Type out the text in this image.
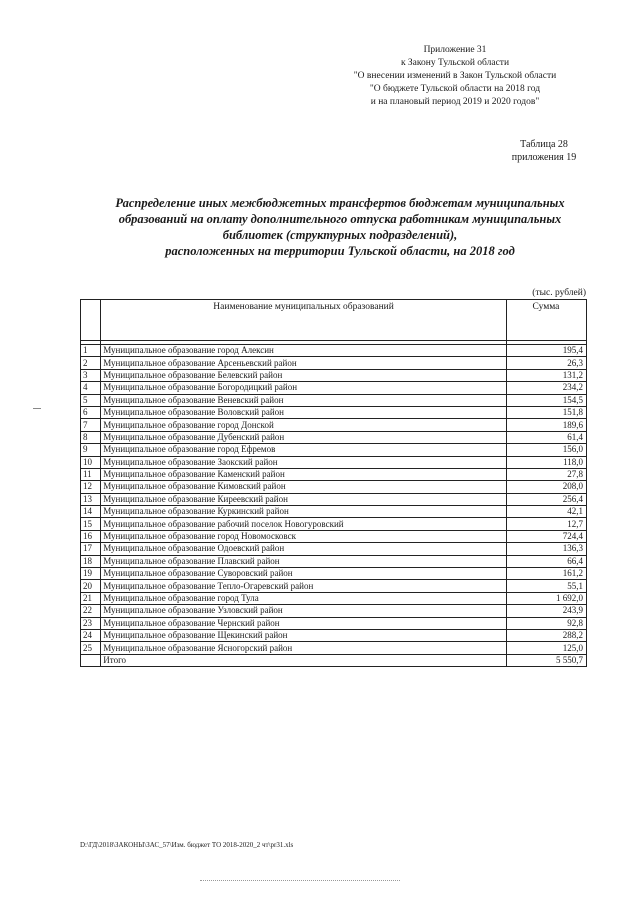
Приложение 31
к Закону Тульской области
"О внесении изменений в Закон Тульской области
"О бюджете Тульской области на 2018 год
и на плановый период 2019 и 2020 годов"
Таблица 28
приложения 19
Распределение иных межбюджетных трансфертов бюджетам муниципальных
образований на оплату дополнительного отпуска работникам муниципальных
библиотек (структурных подразделений),
расположенных на территории Тульской области, на 2018 год
(тыс. рублей)
	Наименование муниципальных образований	Сумма

1	Муниципальное образование город Алексин	195,4
2	Муниципальное образование Арсеньевский район	26,3
3	Муниципальное образование Белевский район	131,2
4	Муниципальное образование Богородицкий район	234,2
5	Муниципальное образование Веневский район	154,5
6	Муниципальное образование Воловский район	151,8
7	Муниципальное образование город Донской	189,6
8	Муниципальное образование Дубенский район	61,4
9	Муниципальное образование город Ефремов	156,0
10	Муниципальное образование Заокский район	118,0
11	Муниципальное образование Каменский район	27,8
12	Муниципальное образование Кимовский район	208,0
13	Муниципальное образование Киреевский район	256,4
14	Муниципальное образование Куркинский район	42,1
15	Муниципальное образование рабочий поселок Новогуровский	12,7
16	Муниципальное образование город Новомосковск	724,4
17	Муниципальное образование Одоевский район	136,3
18	Муниципальное образование Плавский район	66,4
19	Муниципальное образование Суворовский район	161,2
20	Муниципальное образование Тепло-Огаревский район	55,1
21	Муниципальное образование город Тула	1 692,0
22	Муниципальное образование Узловский район	243,9
23	Муниципальное образование Чернский район	92,8
24	Муниципальное образование Щекинский район	288,2
25	Муниципальное образование Ясногорский район	125,0
	Итого	5 550,7
D:\ГД\2018\ЗАКОНЫ\ЗАС_57\Изм. бюджет ТО 2018-2020_2 чт\pr31.xls
